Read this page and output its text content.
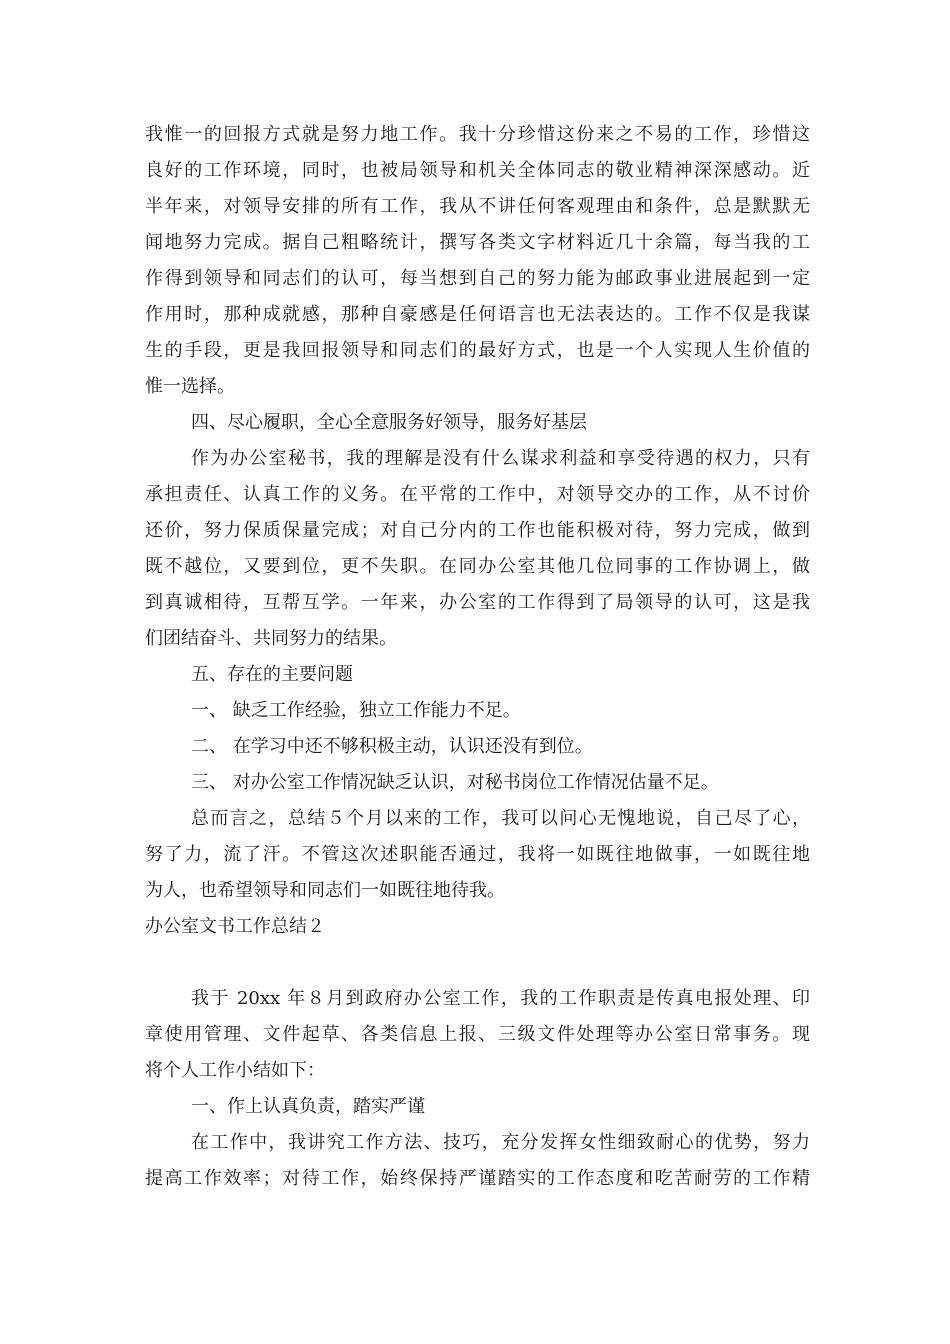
我惟一的回报方式就是努力地工作。我十分珍惜这份来之不易的工作，珍惜这
良好的工作环境，同时，也被局领导和机关全体同志的敬业精神深深感动。近
半年来，对领导安排的所有工作，我从不讲任何客观理由和条件，总是默默无
闻地努力完成。据自己粗略统计，撰写各类文字材料近几十余篇，每当我的工
作得到领导和同志们的认可，每当想到自己的努力能为邮政事业进展起到一定
作用时，那种成就感，那种自豪感是任何语言也无法表达的。工作不仅是我谋
生的手段，更是我回报领导和同志们的最好方式，也是一个人实现人生价值的
惟一选择。
四、尽心履职，全心全意服务好领导，服务好基层
作为办公室秘书，我的理解是没有什么谋求利益和享受待遇的权力，只有
承担责任、认真工作的义务。在平常的工作中，对领导交办的工作，从不讨价
还价，努力保质保量完成；对自己分内的工作也能积极对待，努力完成，做到
既不越位，又要到位，更不失职。在同办公室其他几位同事的工作协调上，做
到真诚相待，互帮互学。一年来，办公室的工作得到了局领导的认可，这是我
们团结奋斗、共同努力的结果。
五、存在的主要问题
一、 缺乏工作经验，独立工作能力不足。
二、 在学习中还不够积极主动，认识还没有到位。
三、 对办公室工作情况缺乏认识，对秘书岗位工作情况估量不足。
总而言之，总结５个月以来的工作，我可以问心无愧地说，自己尽了心，
努了力，流了汗。不管这次述职能否通过，我将一如既往地做事，一如既往地
为人，也希望领导和同志们一如既往地待我。
办公室文书工作总结２
我于 20xx 年８月到政府办公室工作，我的工作职责是传真电报处理、印
章使用管理、文件起草、各类信息上报、三级文件处理等办公室日常事务。现
将个人工作小结如下：
一、作上认真负责，踏实严谨
在工作中，我讲究工作方法、技巧，充分发挥女性细致耐心的优势，努力
提高工作效率；对待工作，始终保持严谨踏实的工作态度和吃苦耐劳的工作精
